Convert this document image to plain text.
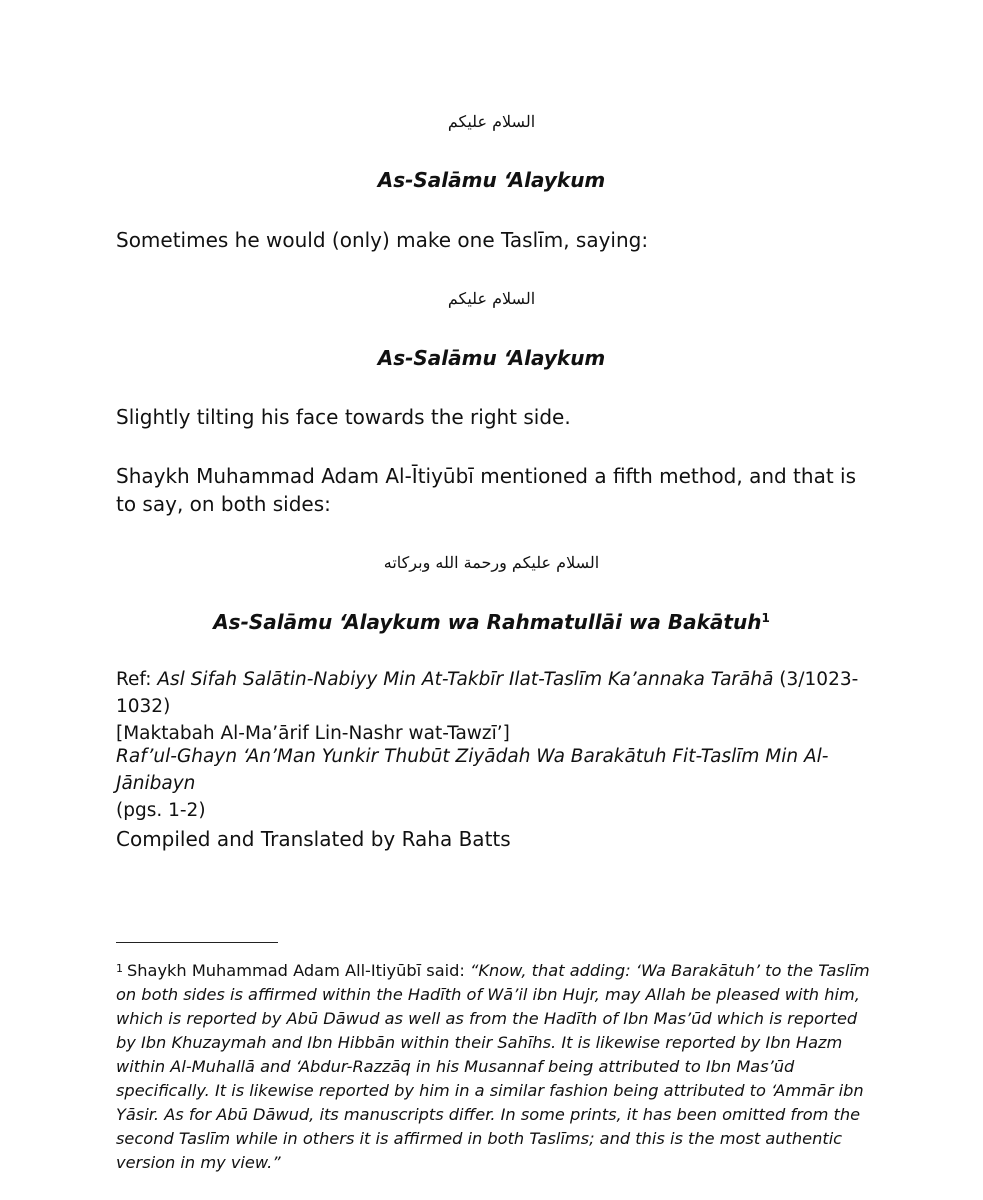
السلام عليكم
As-Salāmu ‘Alaykum
Sometimes he would (only) make one Taslīm, saying:
السلام عليكم
As-Salāmu ‘Alaykum
Slightly tilting his face towards the right side.
Shaykh Muhammad Adam Al-Ītiyūbī mentioned a fifth method, and that is to say, on both sides:
السلام عليكم ورحمة الله وبركاته
As-Salāmu ‘Alaykum wa Rahmatullāi wa Bakātuh$^1$
Ref: Asl Sifah Salātin-Nabiyy Min At-Takbīr Ilat-Taslīm Ka’annaka Tarāhā (3/1023-1032)
[Maktabah Al-Ma’ārif Lin-Nashr wat-Tawzī’]
Raf’ul-Ghayn ‘An’Man Yunkir Thubūt Ziyādah Wa Barakātuh Fit-Taslīm Min Al-Jānibayn
(pgs. 1-2)
Compiled and Translated by Raha Batts
$^1$ Shaykh Muhammad Adam All-Itiyūbī said: “Know, that adding: ‘Wa Barakātuh’ to the Taslīm on both sides is affirmed within the Hadīth of Wā’il ibn Hujr, may Allah be pleased with him, which is reported by Abū Dāwud as well as from the Hadīth of Ibn Mas’ūd which is reported by Ibn Khuzaymah and Ibn Hibbān within their Sahīhs. It is likewise reported by Ibn Hazm within Al-Muhallā and ‘Abdur-Razzāq in his Musannaf being attributed to Ibn Mas’ūd specifically. It is likewise reported by him in a similar fashion being attributed to ‘Ammār ibn Yāsir. As for Abū Dāwud, its manuscripts differ. In some prints, it has been omitted from the second Taslīm while in others it is affirmed in both Taslīms; and this is the most authentic version in my view.”
